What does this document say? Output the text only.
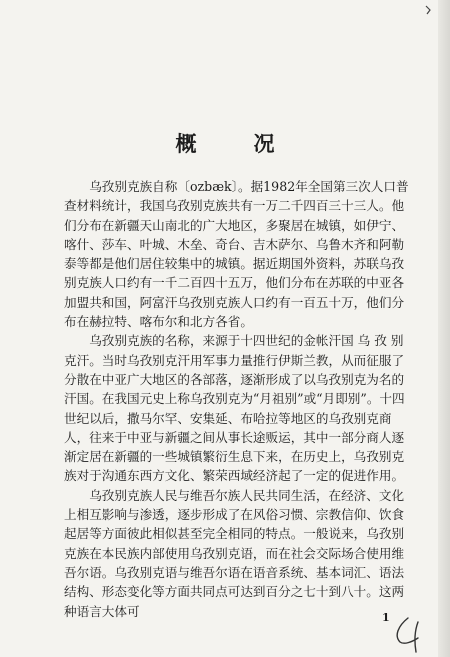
概　况

乌孜别克族自称〔ozbæk〕。据1982年全国第三次人口普查材料统计，我国乌孜别克族共有一万二千四百三十三人。他们分布在新疆天山南北的广大地区，多聚居在城镇，如伊宁、喀什、莎车、叶城、木垒、奇台、吉木萨尔、乌鲁木齐和阿勒泰等都是他们居住较集中的城镇。据近期国外资料，苏联乌孜别克族人口约有一千二百四十五万，他们分布在苏联的中亚各加盟共和国，阿富汗乌孜别克族人口约有一百五十万，他们分布在赫拉特、喀布尔和北方各省。

乌孜别克族的名称，来源于十四世纪的金帐汗国 乌 孜 别 克汗。当时乌孜别克汗用军事力量推行伊斯兰教，从而征服了分散在中亚广大地区的各部落，逐渐形成了以乌孜别克为名的汗国。在我国元史上称乌孜别克为“月祖别”或“月即别”。十四世纪以后，撒马尔罕、安集延、布哈拉等地区的乌孜别克商人，往来于中亚与新疆之间从事长途贩运，其中一部分商人逐渐定居在新疆的一些城镇繁衍生息下来，在历史上，乌孜别克族对于沟通东西方文化、繁荣西域经济起了一定的促进作用。

乌孜别克族人民与维吾尔族人民共同生活，在经济、文化上相互影响与渗透，逐步形成了在风俗习惯、宗教信仰、饮食起居等方面彼此相似甚至完全相同的特点。一般说来，乌孜别克族在本民族内部使用乌孜别克语，而在社会交际场合使用维吾尔语。乌孜别克语与维吾尔语在语音系统、基本词汇、语法结构、形态变化等方面共同点可达到百分之七十到八十。这两种语言大体可	1
